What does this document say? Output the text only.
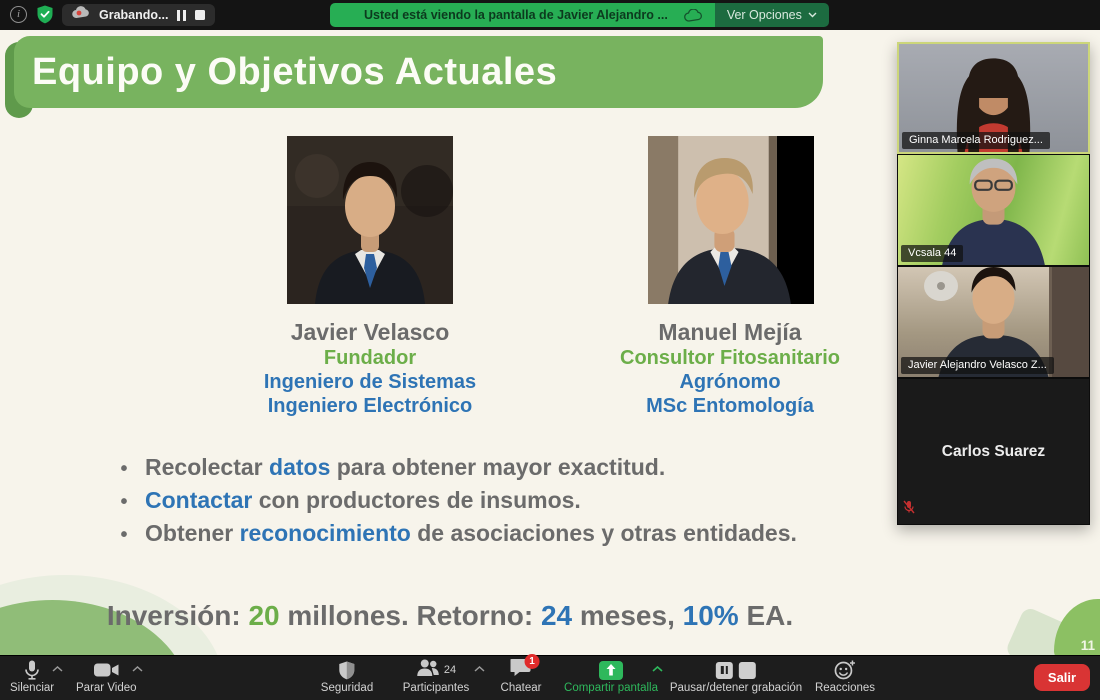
i	Grabando...	Usted está viendo la pantalla de Javier Alejandro ...	Ver Opciones
11
Equipo y Objetivos Actuales
Javier Velasco
Fundador
Ingeniero de Sistemas
Ingeniero Electrónico
Manuel Mejía
Consultor Fitosanitario
Agrónomo
MSc Entomología
• Recolectar datos para obtener mayor exactitud.
• Contactar con productores de insumos.
• Obtener reconocimiento de asociaciones y otras entidades.
Inversión: 20 millones. Retorno: 24 meses, 10% EA.
Ginna Marcela Rodriguez...
Vcsala 44
Javier Alejandro Velasco Z...
Carlos Suarez
Silenciar Parar Video	Seguridad
24
Participantes
1
Chatear Compartir pantalla Pausar/detener grabación Reacciones
Salir
